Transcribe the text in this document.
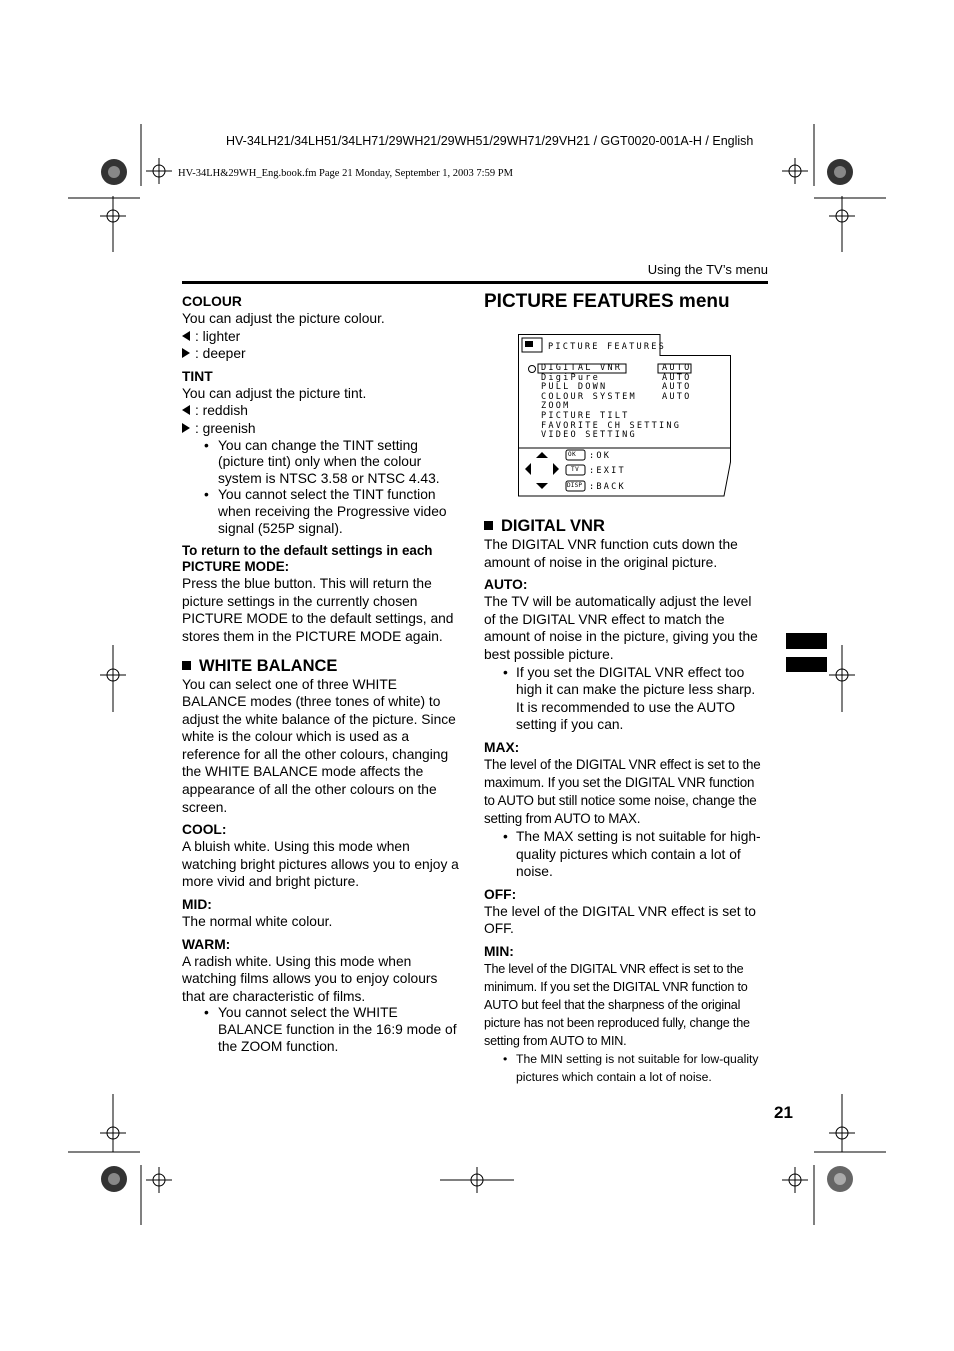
HV-34LH21/34LH51/34LH71/29WH21/29WH51/29WH71/29VH21 / GGT0020-001A-H / English
HV-34LH&29WH_Eng.book.fm Page 21 Monday, September 1, 2003 7:59 PM
Using the TV’s menu
COLOUR

You can adjust the picture colour.

: lighter

: deeper

TINT

You can adjust the picture tint.

: reddish

: greenish

• You can change the TINT setting (picture tint) only when the colour system is NTSC 3.58 or NTSC 4.43.

• You cannot select the TINT function when receiving the Progressive video signal (525P signal).

To return to the default settings in each PICTURE MODE:

Press the blue button. This will return the picture settings in the currently chosen PICTURE MODE to the default settings, and stores them in the PICTURE MODE again.

WHITE BALANCE

You can select one of three WHITE BALANCE modes (three tones of white) to adjust the white balance of the picture. Since white is the colour which is used as a reference for all the other colours, changing the WHITE BALANCE mode affects the appearance of all the other colours on the screen.

COOL:

A bluish white. Using this mode when watching bright pictures allows you to enjoy a more vivid and bright picture.

MID:

The normal white colour.

WARM:

A radish white. Using this mode when watching films allows you to enjoy colours that are characteristic of films.

• You cannot select the WHITE BALANCE function in the 16:9 mode of the ZOOM function.

PICTURE FEATURES menu
PICTURE FEATURES
DIGITAL VNR
DigiPure
PULL DOWN
COLOUR SYSTEM
ZOOM
PICTURE TILT
FAVORITE CH SETTING
VIDEO SETTING
AUTO
AUTO
AUTO
AUTO
OK
TV
DISP
:OK
:EXIT
:BACK
DIGITAL VNR

The DIGITAL VNR function cuts down the amount of noise in the original picture.

AUTO:

The TV will be automatically adjust the level of the DIGITAL VNR effect to match the amount of noise in the picture, giving you the best possible picture.

• If you set the DIGITAL VNR effect too high it can make the picture less sharp. It is recommended to use the AUTO setting if you can.

MAX:

The level of the DIGITAL VNR effect is set to the maximum. If you set the DIGITAL VNR function to AUTO but still notice some noise, change the setting from AUTO to MAX.

• The MAX setting is not suitable for high-quality pictures which contain a lot of noise.

OFF:

The level of the DIGITAL VNR effect is set to OFF.

MIN:

The level of the DIGITAL VNR effect is set to the minimum. If you set the DIGITAL VNR function to AUTO but feel that the sharpness of the original picture has not been reproduced fully, change the setting from AUTO to MIN.

• The MIN setting is not suitable for low-quality pictures which contain a lot of noise.

21
